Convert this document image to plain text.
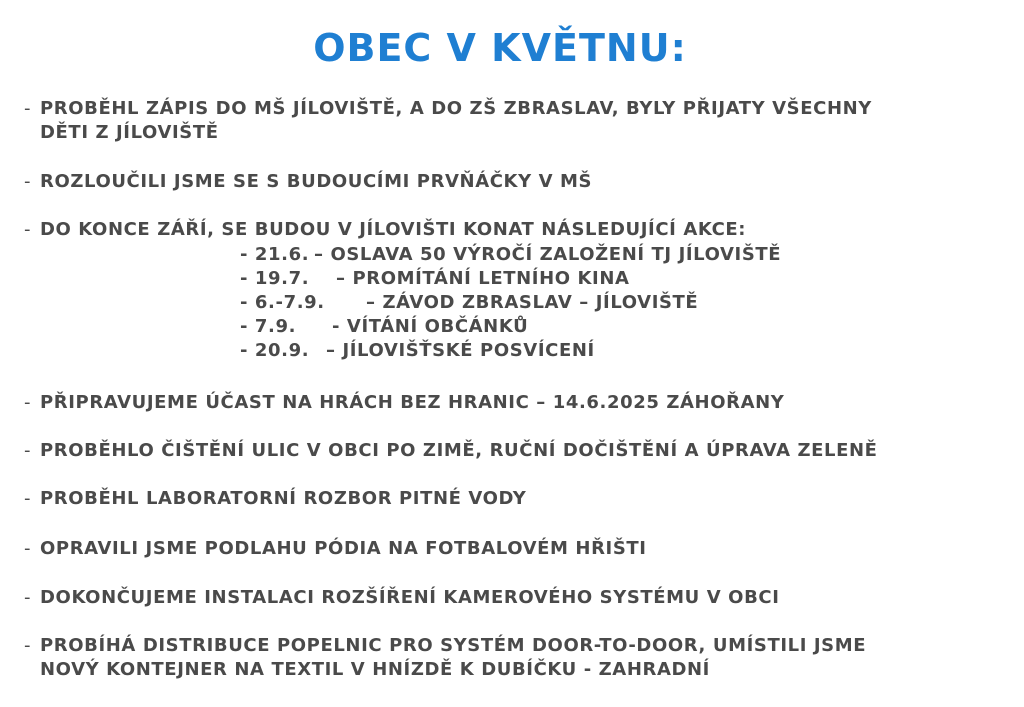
OBEC V KVĚTNU:
- PROBĚHL ZÁPIS DO MŠ JÍLOVIŠTĚ, A DO ZŠ ZBRASLAV, BYLY PŘIJATY VŠECHNY
DĚTI Z JÍLOVIŠTĚ
- ROZLOUČILI JSME SE S BUDOUCÍMI PRVŇÁČKY V MŠ
- DO KONCE ZÁŘÍ, SE BUDOU V JÍLOVIŠTI KONAT NÁSLEDUJÍCÍ AKCE:
- 21.6. – OSLAVA 50 VÝROČÍ ZALOŽENÍ TJ JÍLOVIŠTĚ
- 19.7. – PROMÍTÁNÍ LETNÍHO KINA
- 6.-7.9. – ZÁVOD ZBRASLAV – JÍLOVIŠTĚ
- 7.9. - VÍTÁNÍ OBČÁNKŮ
- 20.9. – JÍLOVIŠŤSKÉ POSVÍCENÍ
- PŘIPRAVUJEME ÚČAST NA HRÁCH BEZ HRANIC – 14.6.2025 ZÁHOŘANY
- PROBĚHLO ČIŠTĚNÍ ULIC V OBCI PO ZIMĚ, RUČNÍ DOČIŠTĚNÍ A ÚPRAVA ZELENĚ
- PROBĚHL LABORATORNÍ ROZBOR PITNÉ VODY
- OPRAVILI JSME PODLAHU PÓDIA NA FOTBALOVÉM HŘIŠTI
- DOKONČUJEME INSTALACI ROZŠÍŘENÍ KAMEROVÉHO SYSTÉMU V OBCI
- PROBÍHÁ DISTRIBUCE POPELNIC PRO SYSTÉM DOOR-TO-DOOR, UMÍSTILI JSME
NOVÝ KONTEJNER NA TEXTIL V HNÍZDĚ K DUBÍČKU - ZAHRADNÍ
